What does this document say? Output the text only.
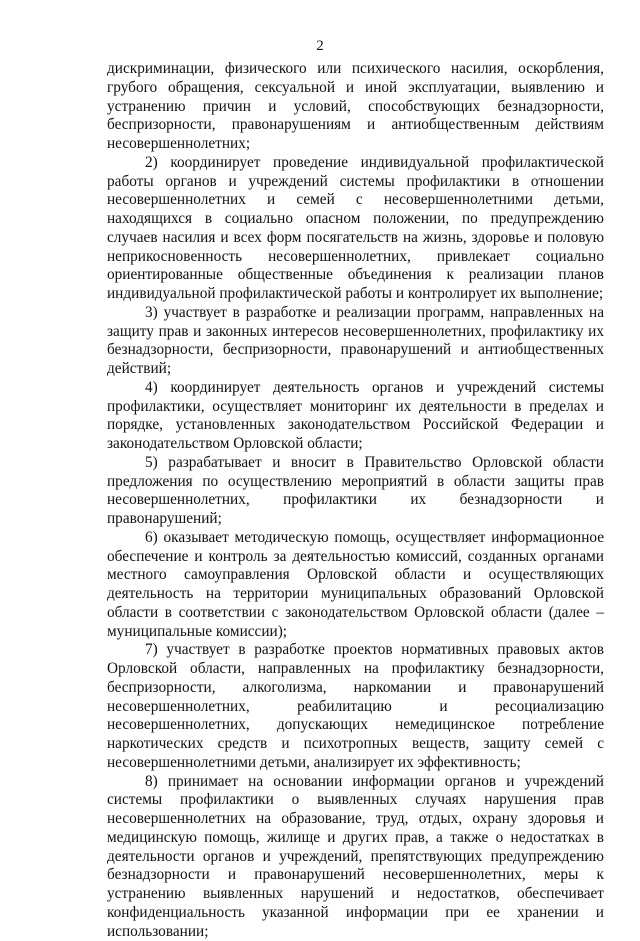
2

дискриминации, физического или психического насилия, оскорбления, грубого обращения, сексуальной и иной эксплуатации, выявлению и устранению причин и условий, способствующих безнадзорности, беспризорности, правонарушениям и антиобщественным действиям несовершеннолетних;

2) координирует проведение индивидуальной профилактической работы органов и учреждений системы профилактики в отношении несовершеннолетних и семей с несовершеннолетними детьми, находящихся в социально опасном положении, по предупреждению случаев насилия и всех форм посягательств на жизнь, здоровье и половую неприкосновенность несовершеннолетних, привлекает социально ориентированные общественные объединения к реализации планов индивидуальной профилактической работы и контролирует их выполнение;

3) участвует в разработке и реализации программ, направленных на защиту прав и законных интересов несовершеннолетних, профилактику их безнадзорности, беспризорности, правонарушений и антиобщественных действий;

4) координирует деятельность органов и учреждений системы профилактики, осуществляет мониторинг их деятельности в пределах и порядке, установленных законодательством Российской Федерации и законодательством Орловской области;

5) разрабатывает и вносит в Правительство Орловской области предложения по осуществлению мероприятий в области защиты прав несовершеннолетних, профилактики их безнадзорности и правонарушений;

6) оказывает методическую помощь, осуществляет информационное обеспечение и контроль за деятельностью комиссий, созданных органами местного самоуправления Орловской области и осуществляющих деятельность на территории муниципальных образований Орловской области в соответствии с законодательством Орловской области (далее – муниципальные комиссии);

7) участвует в разработке проектов нормативных правовых актов Орловской области, направленных на профилактику безнадзорности, беспризорности, алкоголизма, наркомании и правонарушений несовершеннолетних, реабилитацию и ресоциализацию несовершеннолетних, допускающих немедицинское потребление наркотических средств и психотропных веществ, защиту семей с несовершеннолетними детьми, анализирует их эффективность;

8) принимает на основании информации органов и учреждений системы профилактики о выявленных случаях нарушения прав несовершеннолетних на образование, труд, отдых, охрану здоровья и медицинскую помощь, жилище и других прав, а также о недостатках в деятельности органов и учреждений, препятствующих предупреждению безнадзорности и правонарушений несовершеннолетних, меры к устранению выявленных нарушений и недостатков, обеспечивает конфиденциальность указанной информации при ее хранении и использовании;
